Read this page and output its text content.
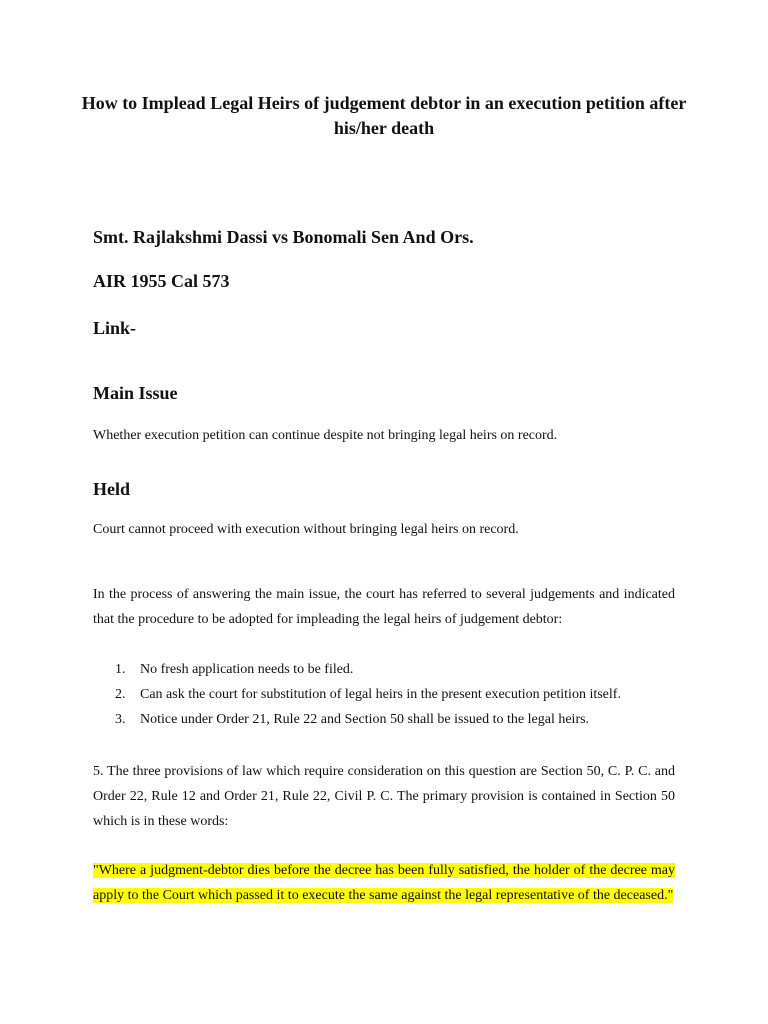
How to Implead Legal Heirs of judgement debtor in an execution petition after his/her death
Smt. Rajlakshmi Dassi vs Bonomali Sen And Ors.
AIR 1955 Cal 573
Link-
Main Issue

Whether execution petition can continue despite not bringing legal heirs on record.

Held

Court cannot proceed with execution without bringing legal heirs on record.

In the process of answering the main issue, the court has referred to several judgements and indicated that the procedure to be adopted for impleading the legal heirs of judgement debtor:

1. No fresh application needs to be filed.
2. Can ask the court for substitution of legal heirs in the present execution petition itself.
3. Notice under Order 21, Rule 22 and Section 50 shall be issued to the legal heirs.

5. The three provisions of law which require consideration on this question are Section 50, C. P. C. and Order 22, Rule 12 and Order 21, Rule 22, Civil P. C. The primary provision is contained in Section 50 which is in these words:

"Where a judgment-debtor dies before the decree has been fully satisfied, the holder of the decree may apply to the Court which passed it to execute the same against the legal representative of the deceased."
